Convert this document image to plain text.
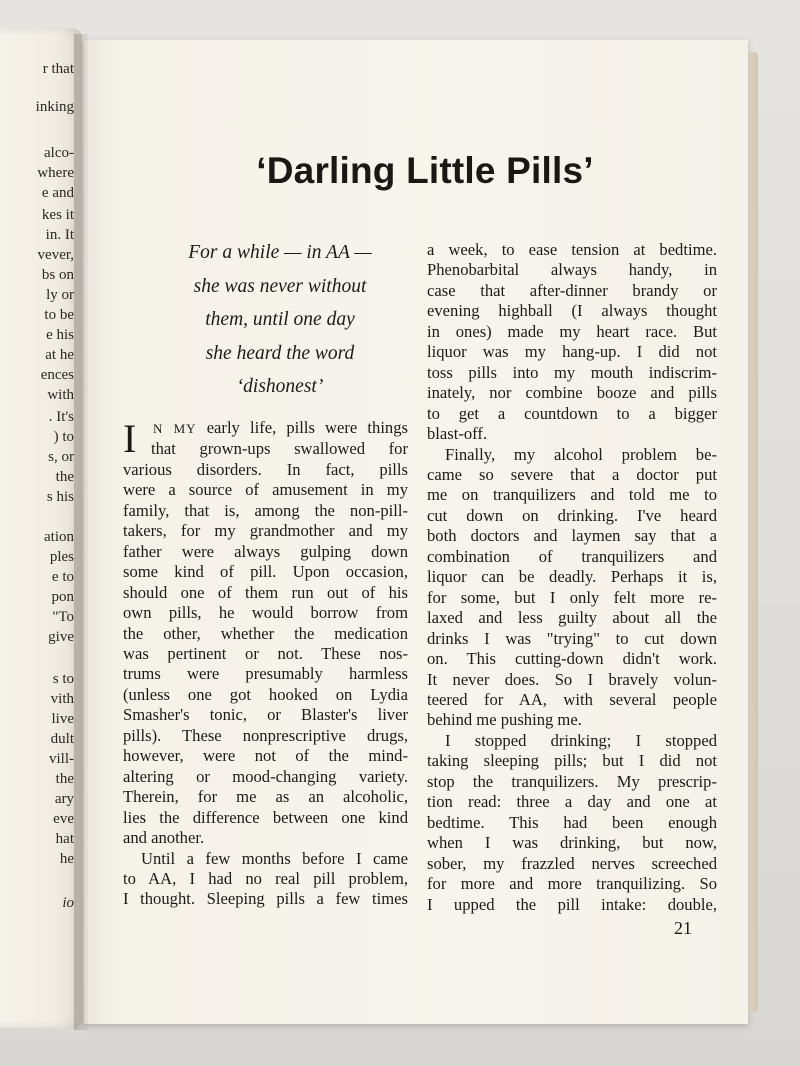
r that
inking
alco-
where
e and
kes it
in. It
vever,
bs on
ly or
to be
e his
at he
ences
with
. It's
) to
s, or
the
s his
ation
ples
e to
pon
"To
give
s to
vith
live
dult
vill-
the
ary
eve
hat
he
io
‘Darling Little Pills’
For a while — in AA —
she was never without
them, until one day
she heard the word
‘dishonest’
I	N MY early life, pills were things
that grown-ups swallowed for
various disorders. In fact, pills
were a source of amusement in my
family, that is, among the non-pill-
takers, for my grandmother and my
father were always gulping down
some kind of pill. Upon occasion,
should one of them run out of his
own pills, he would borrow from
the other, whether the medication
was pertinent or not. These nos-
trums were presumably harmless
(unless one got hooked on Lydia
Smasher's tonic, or Blaster's liver
pills). These nonprescriptive drugs,
however, were not of the mind-
altering or mood-changing variety.
Therein, for me as an alcoholic,
lies the difference between one kind
and another.
Until a few months before I came
to AA, I had no real pill problem,
I thought. Sleeping pills a few times
a week, to ease tension at bedtime.
Phenobarbital always handy, in
case that after-dinner brandy or
evening highball (I always thought
in ones) made my heart race. But
liquor was my hang-up. I did not
toss pills into my mouth indiscrim-
inately, nor combine booze and pills
to get a countdown to a bigger
blast-off.
Finally, my alcohol problem be-
came so severe that a doctor put
me on tranquilizers and told me to
cut down on drinking. I've heard
both doctors and laymen say that a
combination of tranquilizers and
liquor can be deadly. Perhaps it is,
for some, but I only felt more re-
laxed and less guilty about all the
drinks I was "trying" to cut down
on. This cutting-down didn't work.
It never does. So I bravely volun-
teered for AA, with several people
behind me pushing me.
I stopped drinking; I stopped
taking sleeping pills; but I did not
stop the tranquilizers. My prescrip-
tion read: three a day and one at
bedtime. This had been enough
when I was drinking, but now,
sober, my frazzled nerves screeched
for more and more tranquilizing. So
I upped the pill intake: double,
21
